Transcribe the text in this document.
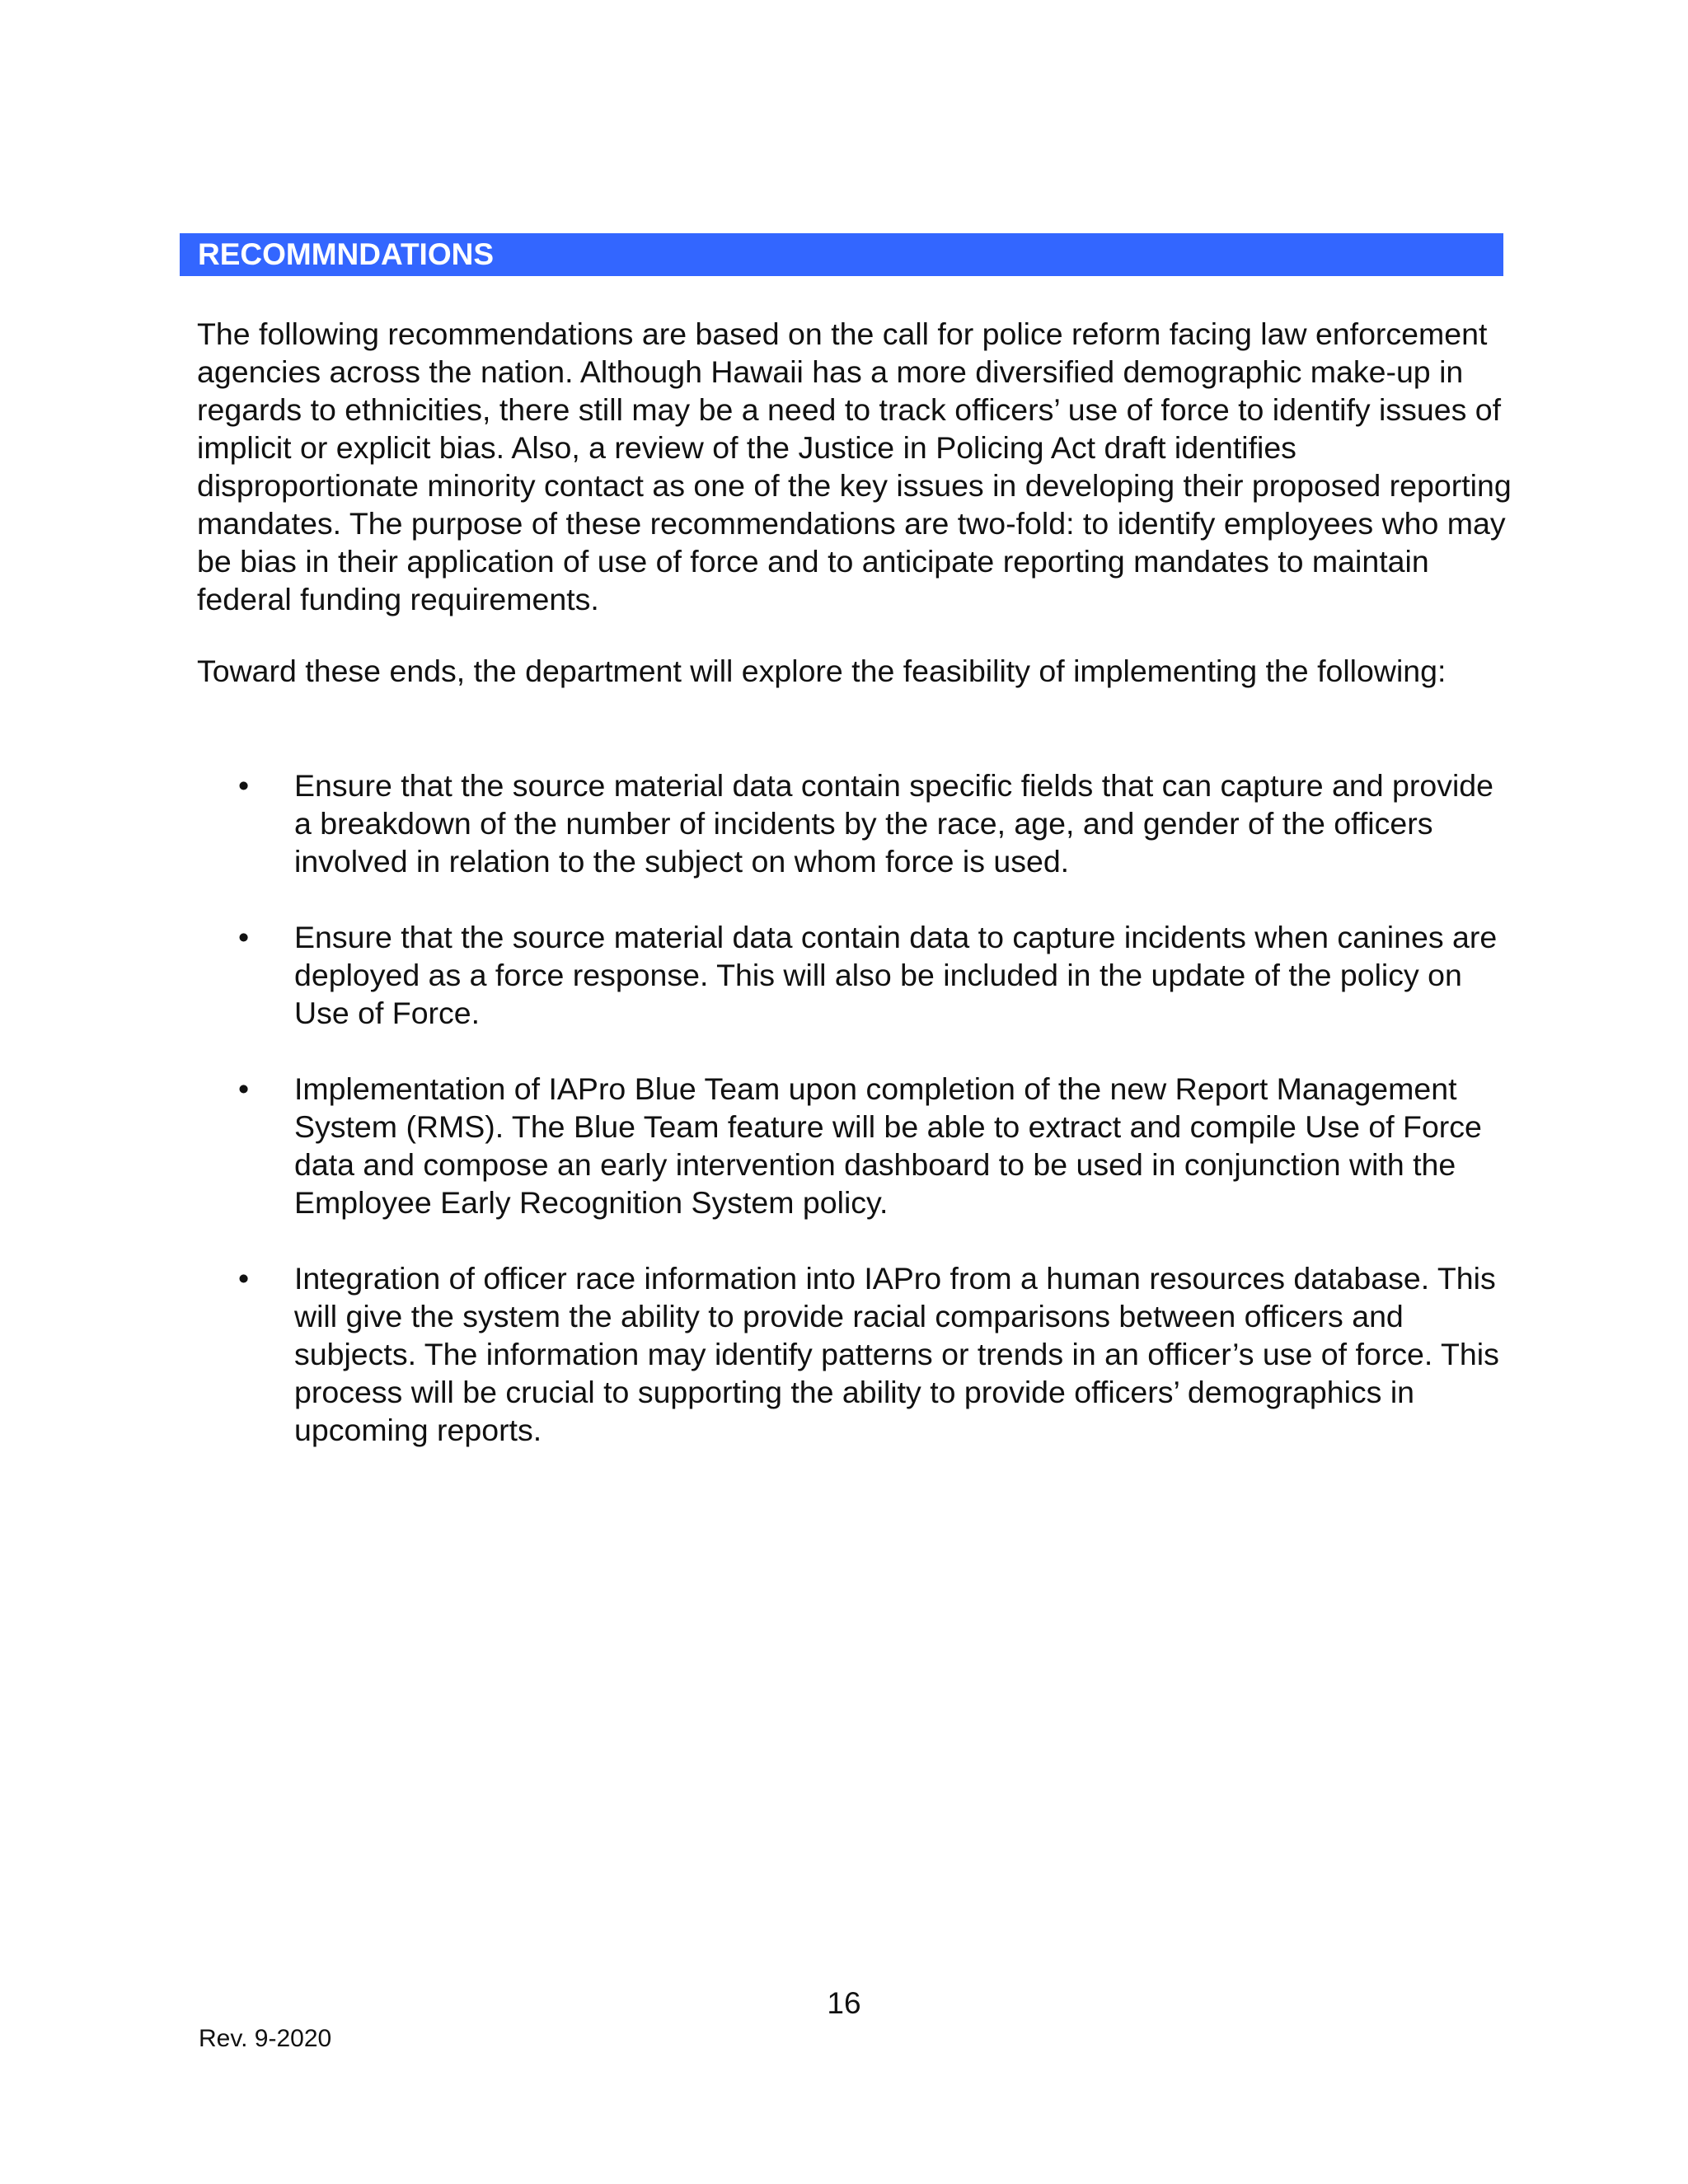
RECOMMNDATIONS

The following recommendations are based on the call for police reform facing law enforcement agencies across the nation. Although Hawaii has a more diversified demographic make-up in regards to ethnicities, there still may be a need to track officers’ use of force to identify issues of implicit or explicit bias. Also, a review of the Justice in Policing Act draft identifies disproportionate minority contact as one of the key issues in developing their proposed reporting mandates. The purpose of these recommendations are two-fold: to identify employees who may be bias in their application of use of force and to anticipate reporting mandates to maintain federal funding requirements.

Toward these ends, the department will explore the feasibility of implementing the following:

• Ensure that the source material data contain specific fields that can capture and provide a breakdown of the number of incidents by the race, age, and gender of the officers involved in relation to the subject on whom force is used.
• Ensure that the source material data contain data to capture incidents when canines are deployed as a force response. This will also be included in the update of the policy on Use of Force.
• Implementation of IAPro Blue Team upon completion of the new Report Management System (RMS). The Blue Team feature will be able to extract and compile Use of Force data and compose an early intervention dashboard to be used in conjunction with the Employee Early Recognition System policy.
• Integration of officer race information into IAPro from a human resources database. This will give the system the ability to provide racial comparisons between officers and subjects. The information may identify patterns or trends in an officer’s use of force. This process will be crucial to supporting the ability to provide officers’ demographics in upcoming reports.
16
Rev. 9-2020
